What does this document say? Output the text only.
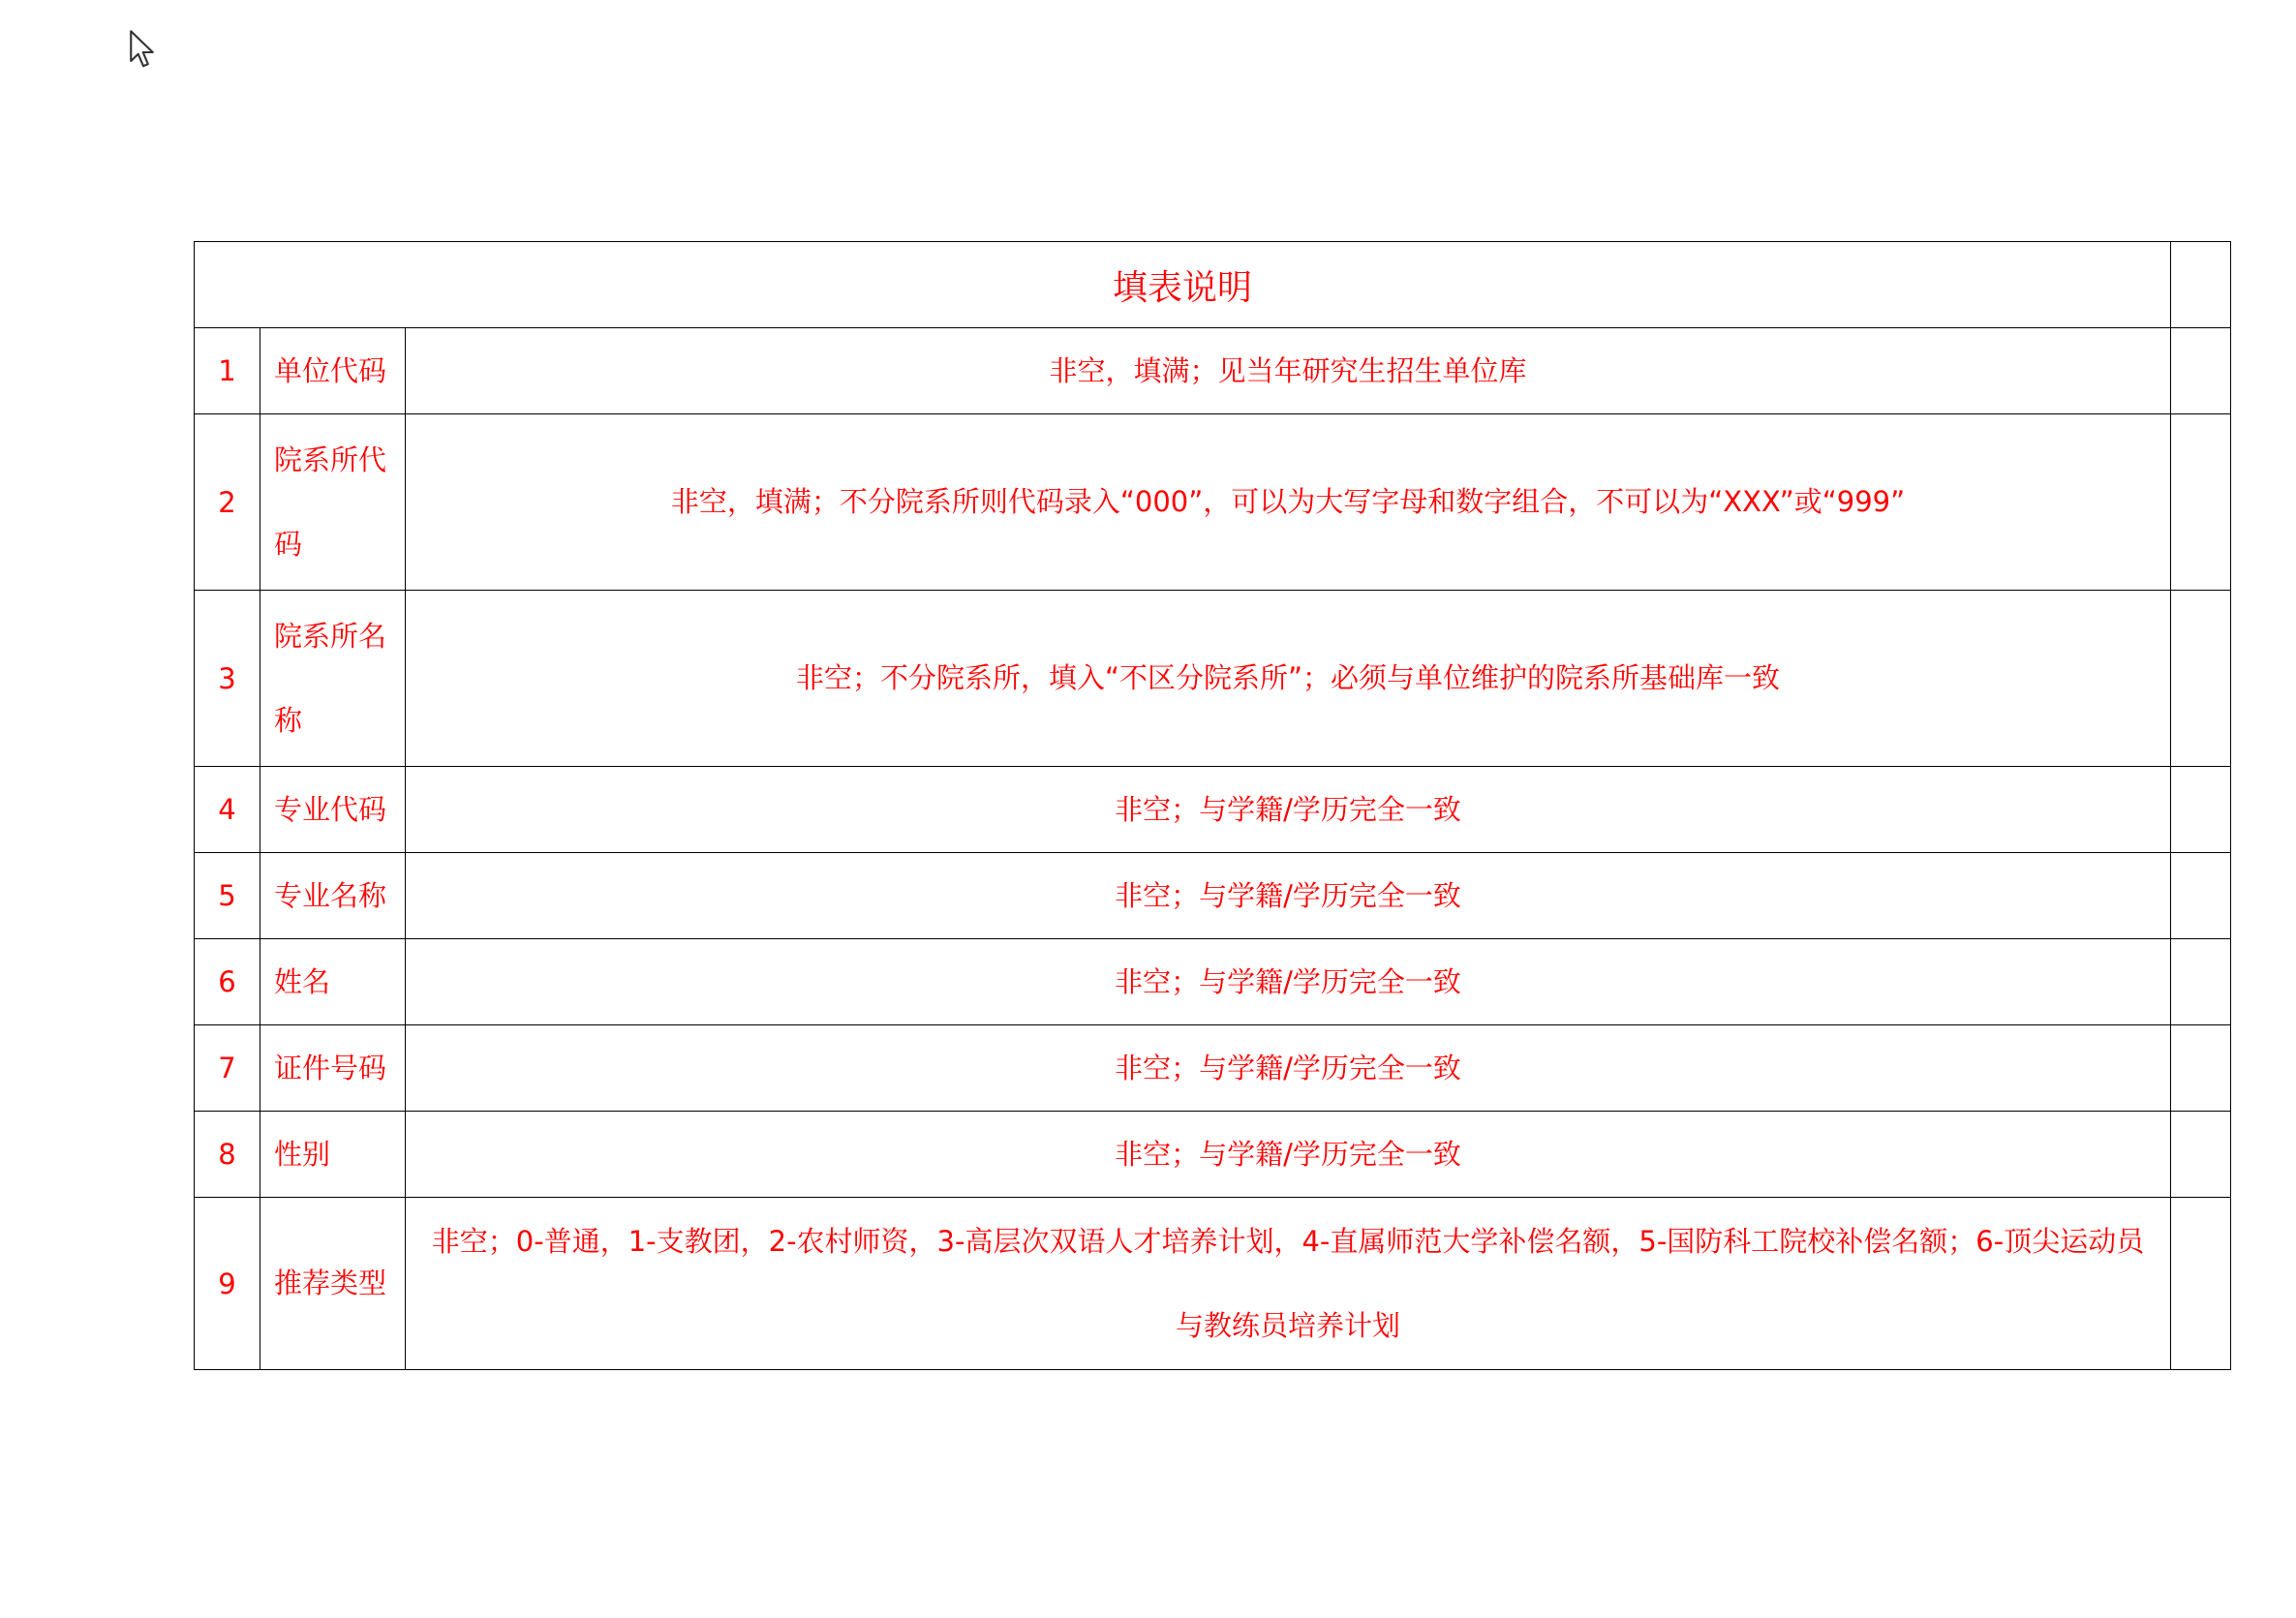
填表说明			
1	单位代码	非空，填满；见当年研究生招生单位库	
2	院系所代码	非空，填满；不分院系所则代码录入“000”，可以为大写字母和数字组合，不可以为“XXX”或“999”	
3	院系所名称	非空；不分院系所，填入“不区分院系所”；必须与单位维护的院系所基础库一致	
4	专业代码	非空；与学籍/学历完全一致	
5	专业名称	非空；与学籍/学历完全一致	
6	姓名	非空；与学籍/学历完全一致	
7	证件号码	非空；与学籍/学历完全一致	
8	性别	非空；与学籍/学历完全一致	
9	推荐类型	非空；0-普通，1-支教团，2-农村师资，3-高层次双语人才培养计划，4-直属师范大学补偿名额，5-国防科工院校补偿名额；6-顶尖运动员与教练员培养计划	
